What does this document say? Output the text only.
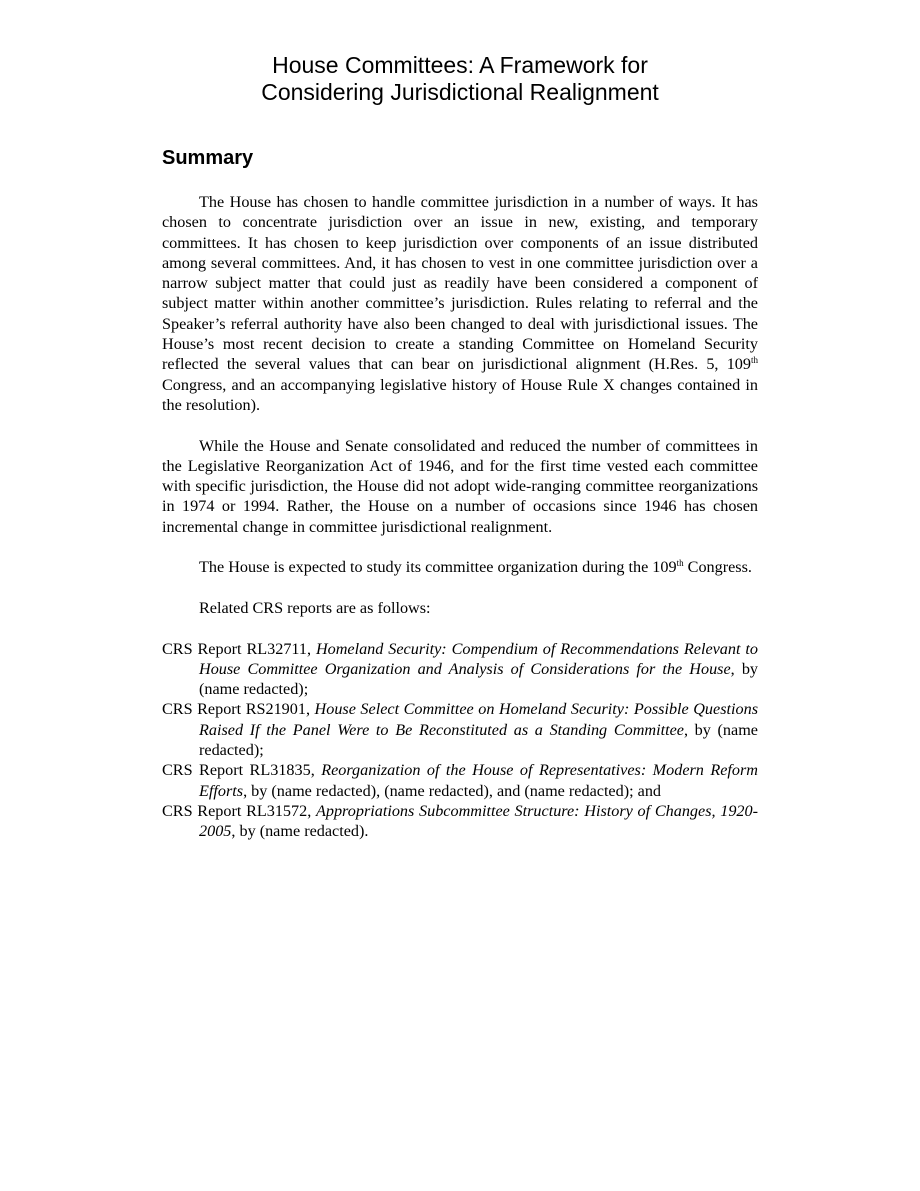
House Committees: A Framework for
Considering Jurisdictional Realignment
Summary

The House has chosen to handle committee jurisdiction in a number of ways. It has chosen to concentrate jurisdiction over an issue in new, existing, and temporary committees. It has chosen to keep jurisdiction over components of an issue distributed among several committees. And, it has chosen to vest in one committee jurisdiction over a narrow subject matter that could just as readily have been considered a component of subject matter within another committee’s jurisdiction. Rules relating to referral and the Speaker’s referral authority have also been changed to deal with jurisdictional issues. The House’s most recent decision to create a standing Committee on Homeland Security reflected the several values that can bear on jurisdictional alignment (H.Res. 5, 109th Congress, and an accompanying legislative history of House Rule X changes contained in the resolution).

While the House and Senate consolidated and reduced the number of committees in the Legislative Reorganization Act of 1946, and for the first time vested each committee with specific jurisdiction, the House did not adopt wide-ranging committee reorganizations in 1974 or 1994. Rather, the House on a number of occasions since 1946 has chosen incremental change in committee jurisdictional realignment.

The House is expected to study its committee organization during the 109th Congress.

Related CRS reports are as follows:

CRS Report RL32711, Homeland Security: Compendium of Recommendations Relevant to House Committee Organization and Analysis of Considerations for the House, by (name redacted);

CRS Report RS21901, House Select Committee on Homeland Security: Possible Questions Raised If the Panel Were to Be Reconstituted as a Standing Committee, by (name redacted);

CRS Report RL31835, Reorganization of the House of Representatives: Modern Reform Efforts, by (name redacted), (name redacted), and (name redacted); and

CRS Report RL31572, Appropriations Subcommittee Structure: History of Changes, 1920-2005, by (name redacted).
